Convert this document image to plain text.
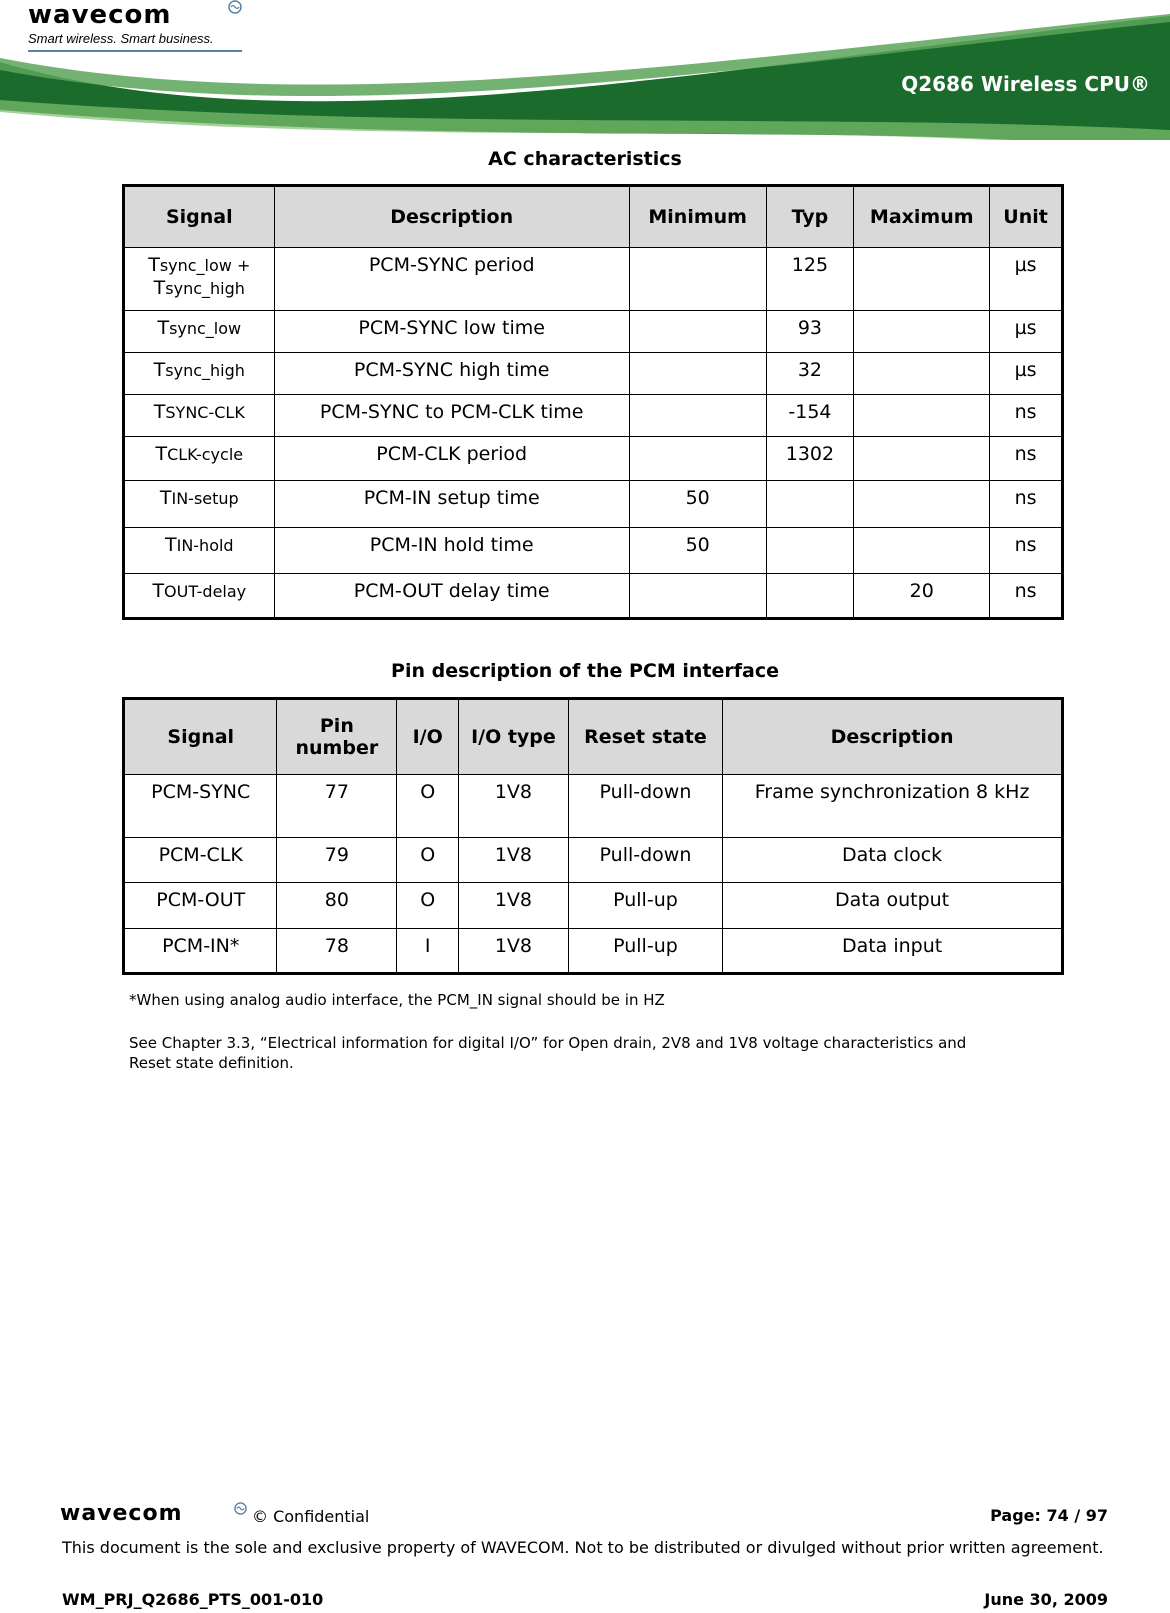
wavecom
Smart wireless. Smart business.
Q2686 Wireless CPU®
AC characteristics
Signal	Description	Minimum	Typ	Maximum	Unit
Tsync_low +
Tsync_high	PCM-SYNC period		125		µs
Tsync_low	PCM-SYNC low time		93		µs
Tsync_high	PCM-SYNC high time		32		µs
TSYNC-CLK	PCM-SYNC to PCM-CLK time		-154		ns
TCLK-cycle	PCM-CLK period		1302		ns
TIN-setup	PCM-IN setup time	50			ns
TIN-hold	PCM-IN hold time	50			ns
TOUT-delay	PCM-OUT delay time			20	ns
Pin description of the PCM interface
Signal	Pin number	I/O	I/O type	Reset state	Description
PCM-SYNC	77	O	1V8	Pull-down	Frame synchronization 8 kHz
PCM-CLK	79	O	1V8	Pull-down	Data clock
PCM-OUT	80	O	1V8	Pull-up	Data output
PCM-IN*	78	I	1V8	Pull-up	Data input
*When using analog audio interface, the PCM_IN signal should be in HZ
See Chapter 3.3, “Electrical information for digital I/O” for Open drain, 2V8 and 1V8 voltage characteristics and Reset state definition.
wavecom	© Confidential	Page: 74 / 97
This document is the sole and exclusive property of WAVECOM. Not to be distributed or divulged without prior written agreement.
WM_PRJ_Q2686_PTS_001-010	June 30, 2009
